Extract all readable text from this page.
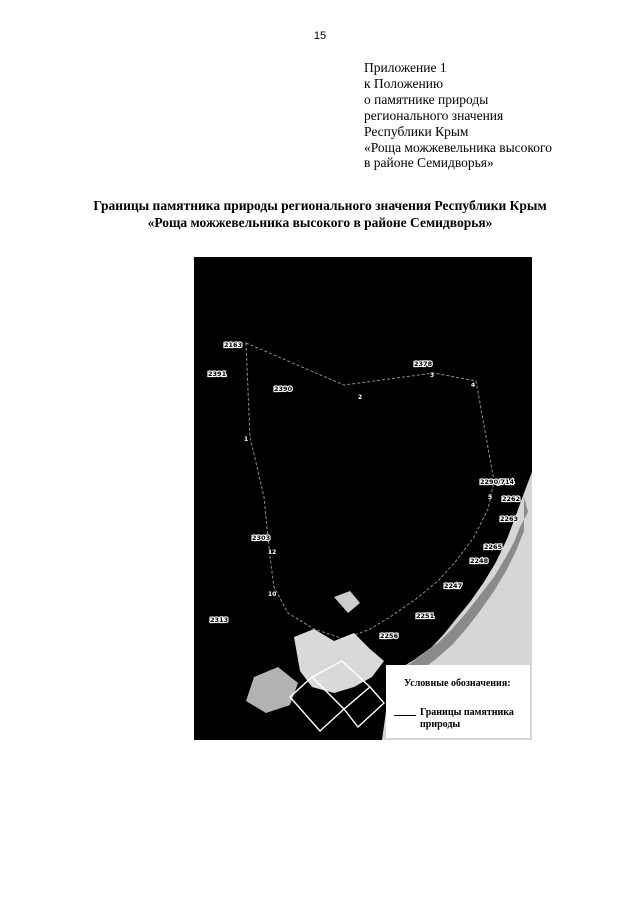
15
Приложение 1
к Положению
о памятнике природы
регионального значения
Республики Крым
«Роща можжевельника высокого
в районе Семидворья»
Границы памятника природы регионального значения Республики Крым
«Роща можжевельника высокого в районе Семидворья»
2163
2391
2390
2378
2290/714
2262
2263
2265
2248
2247
2251
2256
2303
2313
1
2
3
4
5
10
12
Условные обозначения:
Границы памятника
природы
